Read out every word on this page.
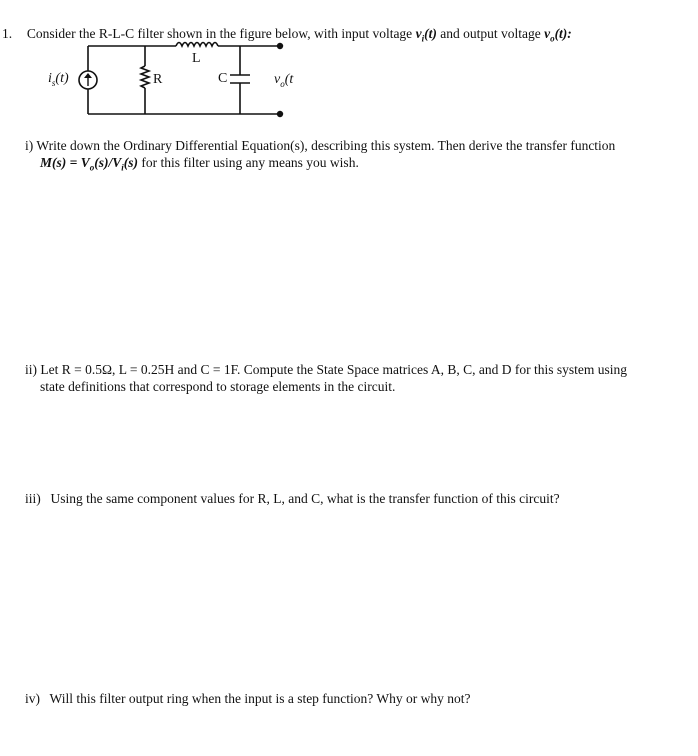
1. Consider the R-L-C filter shown in the figure below, with input voltage $v_i(t)$ and output voltage $v_o(t)$:
$i_s(t)$	R
L
C	$v_o(t$
i) Write down the Ordinary Differential Equation(s), describing this system. Then derive the transfer function
$M(s) = V_o(s)/V_i(s)$ for this filter using any means you wish.
ii) Let R = 0.5Ω, L = 0.25H and C = 1F. Compute the State Space matrices A, B, C, and D for this system using
state definitions that correspond to storage elements in the circuit.
iii) Using the same component values for R, L, and C, what is the transfer function of this circuit?
iv) Will this filter output ring when the input is a step function? Why or why not?
